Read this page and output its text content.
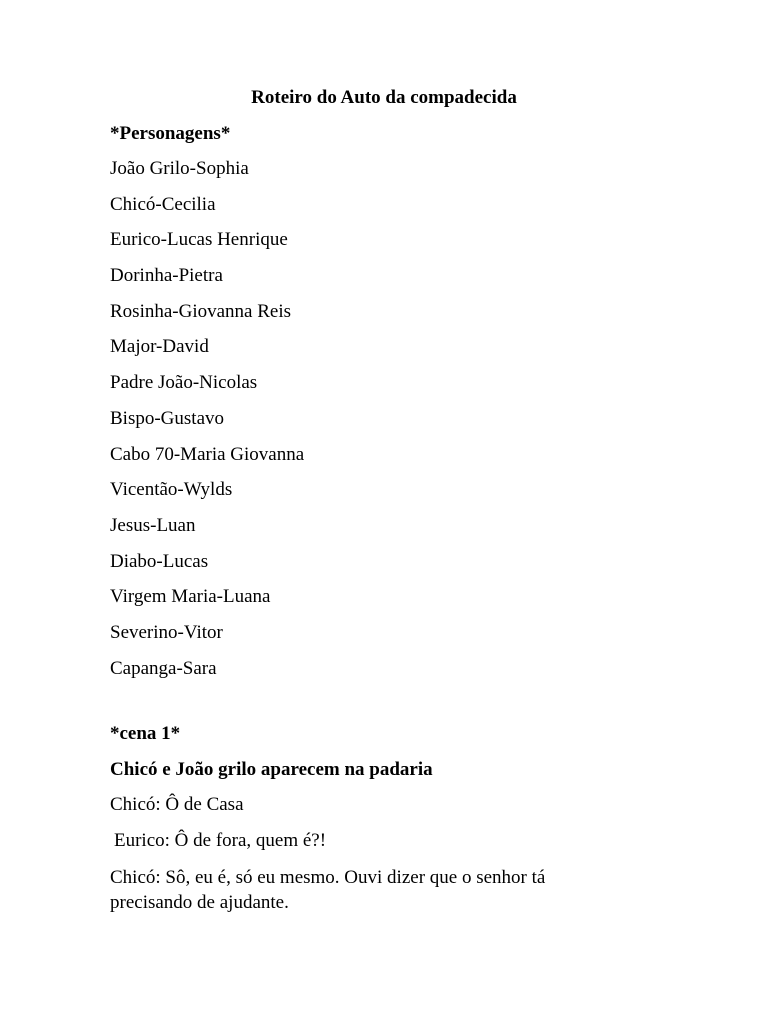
Roteiro do Auto da compadecida
*Personagens*
João Grilo-Sophia
Chicó-Cecilia
Eurico-Lucas Henrique
Dorinha-Pietra
Rosinha-Giovanna Reis
Major-David
Padre João-Nicolas
Bispo-Gustavo
Cabo 70-Maria Giovanna
Vicentão-Wylds
Jesus-Luan
Diabo-Lucas
Virgem Maria-Luana
Severino-Vitor
Capanga-Sara

*cena 1*

Chicó e João grilo aparecem na padaria

Chicó: Ô de Casa

Eurico: Ô de fora, quem é?!

Chicó: Sô, eu é, só eu mesmo. Ouvi dizer que o senhor tá precisando de ajudante.
